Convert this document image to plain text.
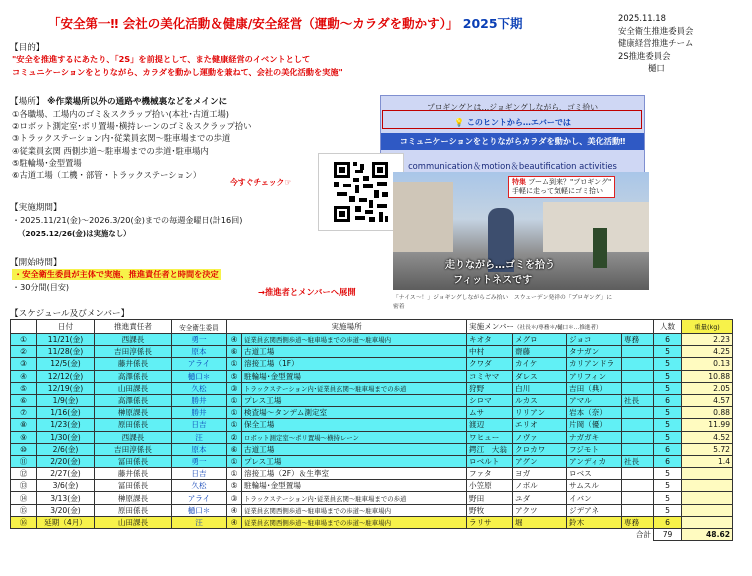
「安全第一‼ 会社の美化活動＆健康/安全経営（運動〜カラダを動かす）」 2025下期	2025.11.18
安全衛生推進委員会
健康経営推進チーム
2S推進委員会
樋口
【目的】
"安全を推進するにあたり、「2S」を前提として、また健康経営のイベントとして
コミュニケーションをとりながら、カラダを動かし運動を兼ねて、会社の美化活動を実施"
【場所】 ※作業場所以外の通路や機械裏などをメインに
①各職場、工場内のゴミ＆スクラップ拾い(本社･古道工場)
②ロボット測定室･ポリ置場･横持レーンのゴミ＆スクラップ拾い
③トラックステーション内･従業員玄関〜駐車場までの歩道
④従業員玄関 西側歩道〜駐車場までの歩道･駐車場内
⑤駐輪場･金型置場
⑥古道工場（工機・部管・トラックステーション）
今すぐチェック☞
【実施期間】
・2025.11/21(金)〜2026.3/20(金)までの毎週金曜日(計16回)
（2025.12/26(金)は実施なし）
【開始時間】
・安全衛生委員が主体で実施、推進責任者と時間を決定
・30分間(目安)	→推進者とメンバーへ展開
プロギングとは…ジョギングしながら、ゴミ拾い
💡 このヒントから…エバーでは
コミュニケーションをとりながらカラダを動かし、美化活動‼
communication＆motion＆beautification activities
特集 ブーム到来？"プロギング"
手軽に走って気軽にゴミ拾い
走りながら…ゴミを拾う
フィットネスです
「ナイス〜！」ジョギングしながらごみ拾い　スウェーデン発祥の「プロギング」に
密着
【スケジュール及びメンバー】
	日付	推進責任者	安全衛生委員	実施場所		実施メンバー（社長＊/専務＊/樋口＊…推進者）				人数	重量(kg)
①	11/21(金)	西課長	勇一	④	従業員玄関西側歩道〜駐車場までの歩道〜駐車場内	キオタ	メグロ	ジョコ	専務	6	2.23
②	11/28(金)	吉田淳係長	原本	⑥	古道工場	中村	齋藤	タナガン		5	4.25
③	12/5(金)	藤井係長	アライ	①	溶接工場（1F）	クワダ	カイケ	カリアンドラ		5	0.13
④	12/12(金)	高澤係長	樋口＊	⑤	駐輪場･金型置場	コミヤマ	ダレス	アリフィン		5	10.88
⑤	12/19(金)	山田課長	久松	③	トラックステーション内･従業員玄関〜駐車場までの歩道	狩野	白川	吉田（典）		5	2.05
⑥	1/9(金)	高澤係長	勝井	①	プレス工場	シロマ	ルカス	アマル	社長	6	4.57
⑦	1/16(金)	榊原課長	勝井	①	検査場〜タンデム測定室	ムサ	リリアン	岩本（奈）		5	0.88
⑧	1/23(金)	原田係長	日吉	①	保全工場	渡辺	エリオ	片岡（優）		5	11.99
⑨	1/30(金)	西課長	汪	②	ロボット測定室〜ポリ置場〜横持レーン	ワヒュー	ノヴァ	ナガガキ		5	4.52
⑩	2/6(金)	吉田淳係長	原本	⑥	古道工場	鍔江　大翁	クロカワ	フジモト		6	5.72
⑪	2/20(金)	冨田係長	勇一	①	プレス工場	ロベルト	アグン	アンディカ	社長	6	1.4
⑫	2/27(金)	藤井係長	日吉	①	溶接工場（2F）＆生準室	ファタ	ヨガ	ロベス		5	
⑬	3/6(金)	冨田係長	久松	⑤	駐輪場･金型置場	小笠原	ノボル	サムスル		5	
⑭	3/13(金)	榊原課長	アライ	③	トラックステーション内･従業員玄関〜駐車場までの歩道	野田	ユダ	イバン		5	
⑮	3/20(金)	原田係長	樋口＊	④	従業員玄関西側歩道〜駐車場までの歩道〜駐車場内	野牧	アクツ	ジデアネ		5	
⑯	延期（4月）	山田課長	汪	④	従業員玄関西側歩道〜駐車場までの歩道〜駐車場内	ラリサ	堀	鈴木	専務	6	
合計										79	48.62
